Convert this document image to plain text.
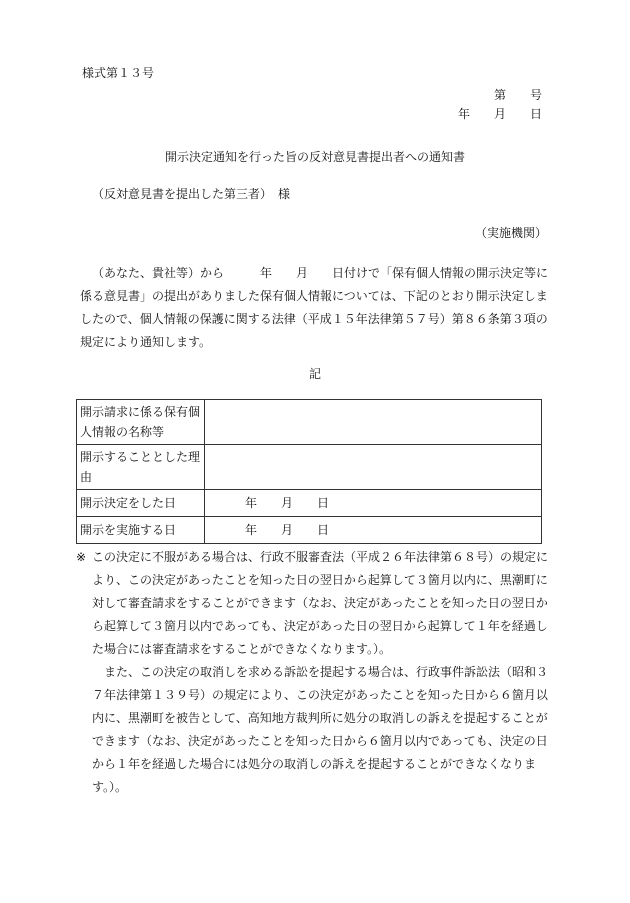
様式第１３号
第　　号
年　　月　　日
開示決定通知を行った旨の反対意見書提出者への通知書
（反対意見書を提出した第三者）　様
（実施機関）

（あなた、貴社等）から　　　年　　月　　日付けで「保有個人情報の開示決定等に係る意見書」の提出がありました保有個人情報については、下記のとおり開示決定しましたので、個人情報の保護に関する法律（平成１５年法律第５７号）第８６条第３項の規定により通知します。

記
開示請求に係る保有個人情報の名称等	
開示することとした理由	
開示決定をした日	年　　月　　日
開示を実施する日	年　　月　　日

※ この決定に不服がある場合は、行政不服審査法（平成２６年法律第６８号）の規定により、この決定があったことを知った日の翌日から起算して３箇月以内に、黒潮町に対して審査請求をすることができます（なお、決定があったことを知った日の翌日から起算して３箇月以内であっても、決定があった日の翌日から起算して１年を経過した場合には審査請求をすることができなくなります。）。

また、この決定の取消しを求める訴訟を提起する場合は、行政事件訴訟法（昭和３７年法律第１３９号）の規定により、この決定があったことを知った日から６箇月以内に、黒潮町を被告として、高知地方裁判所に処分の取消しの訴えを提起することができます（なお、決定があったことを知った日から６箇月以内であっても、決定の日から１年を経過した場合には処分の取消しの訴えを提起することができなくなります。）。
